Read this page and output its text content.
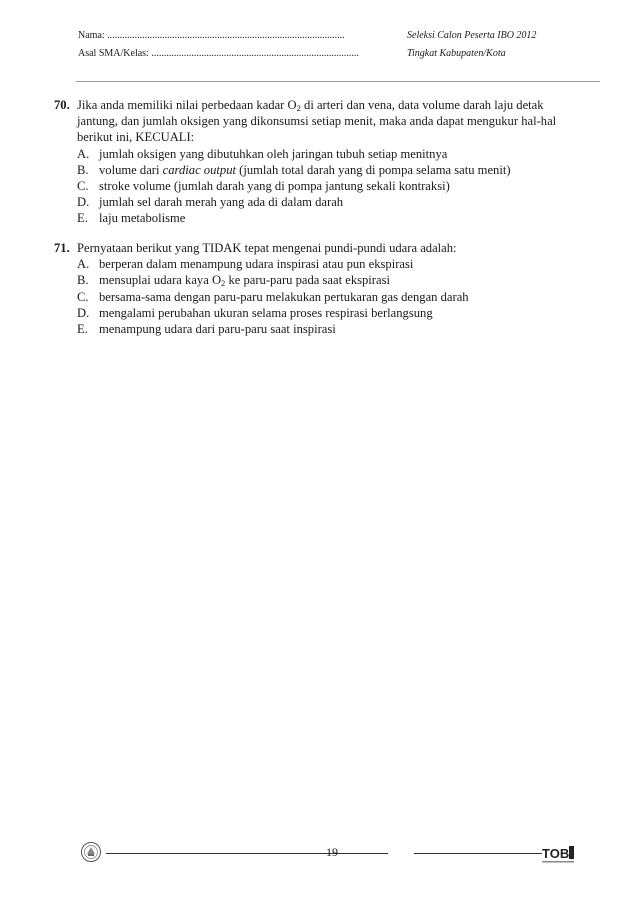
Nama: ...............................................................................................
Asal SMA/Kelas: ...................................................................................
Seleksi Calon Peserta IBO 2012
Tingkat Kabupaten/Kota
70. Jika anda memiliki nilai perbedaan kadar $O_2$ di arteri dan vena, data volume darah laju detak jantung, dan jumlah oksigen yang dikonsumsi setiap menit, maka anda dapat mengukur hal-hal berikut ini, KECUALI:
A. jumlah oksigen yang dibutuhkan oleh jaringan tubuh setiap menitnya
B. volume dari cardiac output (jumlah total darah yang di pompa selama satu menit)
C. stroke volume (jumlah darah yang di pompa jantung sekali kontraksi)
D. jumlah sel darah merah yang ada di dalam darah
E. laju metabolisme
71. Pernyataan berikut yang TIDAK tepat mengenai pundi-pundi udara adalah:
A. berperan dalam menampung udara inspirasi atau pun ekspirasi
B. mensuplai udara kaya $O_2$ ke paru-paru pada saat ekspirasi
C. bersama-sama dengan paru-paru melakukan pertukaran gas dengan darah
D. mengalami perubahan ukuran selama proses respirasi berlangsung
E. menampung udara dari paru-paru saat inspirasi
19	TOB
